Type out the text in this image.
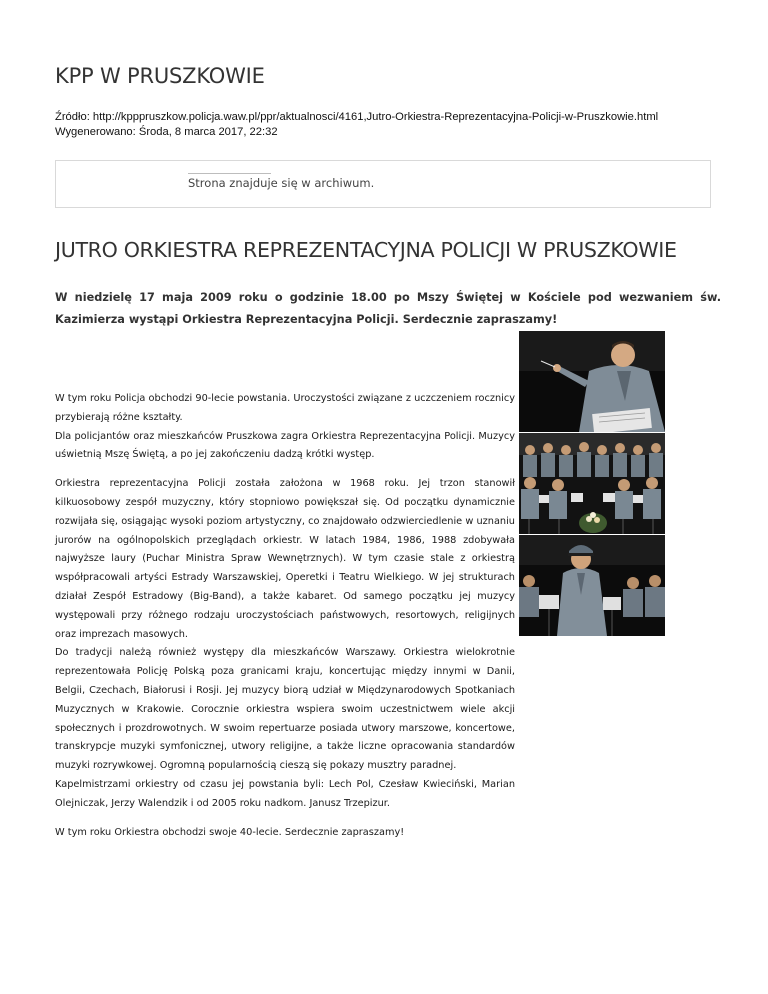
KPP W PRUSZKOWIE
Źródło: http://kpppruszkow.policja.waw.pl/ppr/aktualnosci/4161,Jutro-Orkiestra-Reprezentacyjna-Policji-w-Pruszkowie.html
Wygenerowano: Środa, 8 marca 2017, 22:32
Strona znajduje się w archiwum.
JUTRO ORKIESTRA REPREZENTACYJNA POLICJI W PRUSZKOWIE

W niedzielę 17 maja 2009 roku o godzinie 18.00 po Mszy Świętej w Kościele pod wezwaniem św. Kazimierza wystąpi Orkiestra Reprezentacyjna Policji. Serdecznie zapraszamy!

W tym roku Policja obchodzi 90-lecie powstania. Uroczystości związane z uczczeniem rocznicy przybierają różne kształty.

Dla policjantów oraz mieszkańców Pruszkowa zagra Orkiestra Reprezentacyjna Policji. Muzycy uświetnią Mszę Świętą, a po jej zakończeniu dadzą krótki występ.

Orkiestra reprezentacyjna Policji została założona w 1968 roku. Jej trzon stanowił kilkuosobowy zespół muzyczny, który stopniowo powiększał się. Od początku dynamicznie rozwijała się, osiągając wysoki poziom artystyczny, co znajdowało odzwierciedlenie w uznaniu jurorów na ogólnopolskich przeglądach orkiestr. W latach 1984, 1986, 1988 zdobywała najwyższe laury (Puchar Ministra Spraw Wewnętrznych). W tym czasie stale z orkiestrą współpracowali artyści Estrady Warszawskiej, Operetki i Teatru Wielkiego. W jej strukturach działał Zespół Estradowy (Big-Band), a także kabaret. Od samego początku jej muzycy występowali przy różnego rodzaju uroczystościach państwowych, resortowych, religijnych oraz imprezach masowych.

Do tradycji należą również występy dla mieszkańców Warszawy. Orkiestra wielokrotnie reprezentowała Policję Polską poza granicami kraju, koncertując między innymi w Danii, Belgii, Czechach, Białorusi i Rosji. Jej muzycy biorą udział w Międzynarodowych Spotkaniach Muzycznych w Krakowie. Corocznie orkiestra wspiera swoim uczestnictwem wiele akcji społecznych i prozdrowotnych. W swoim repertuarze posiada utwory marszowe, koncertowe, transkrypcje muzyki symfonicznej, utwory religijne, a także liczne opracowania standardów muzyki rozrywkowej. Ogromną popularnością cieszą się pokazy musztry paradnej.

Kapelmistrzami orkiestry od czasu jej powstania byli: Lech Pol, Czesław Kwieciński, Marian Olejniczak, Jerzy Walendzik i od 2005 roku nadkom. Janusz Trzepizur.

W tym roku Orkiestra obchodzi swoje 40-lecie. Serdecznie zapraszamy!
